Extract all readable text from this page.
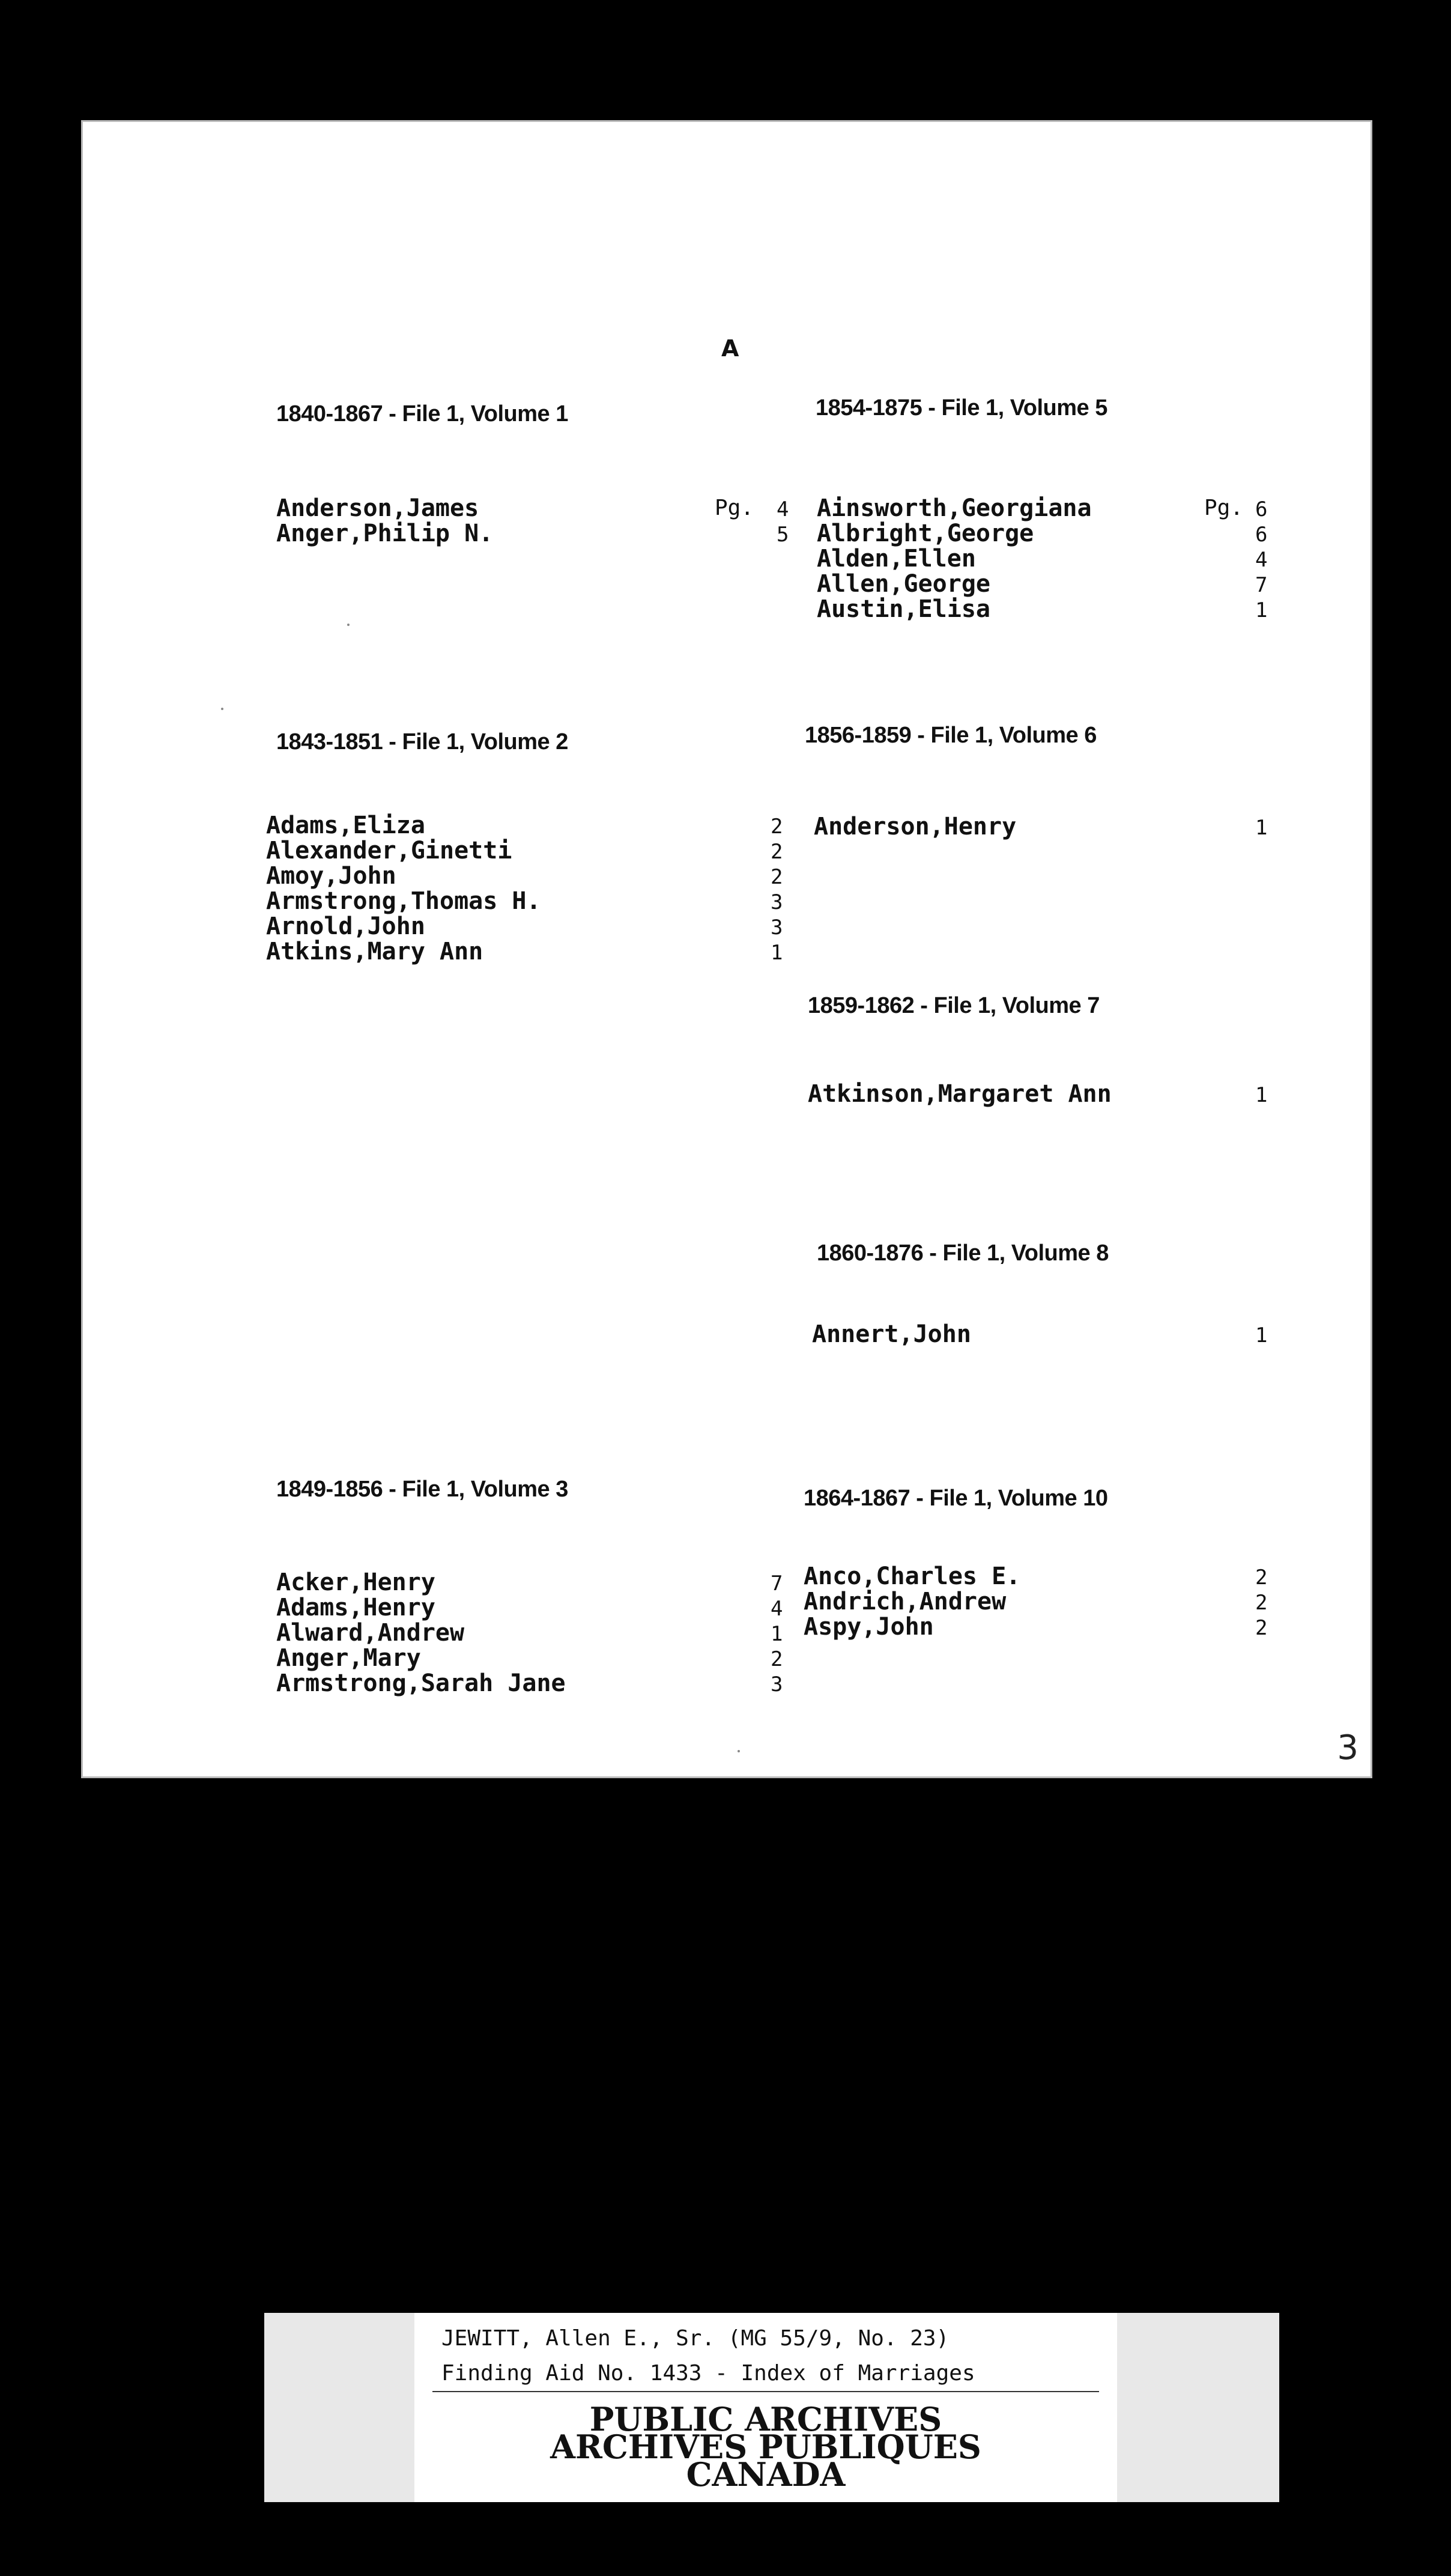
A
1840-1867 - File 1, Volume 1
Anderson,James	Pg. 4
Anger,Philip N.	5
1843-1851 - File 1, Volume 2
Adams,Eliza	2
Alexander,Ginetti	2
Amoy,John	2
Armstrong,Thomas H.	3
Arnold,John	3
Atkins,Mary Ann	1
1849-1856 - File 1, Volume 3
Acker,Henry	7
Adams,Henry	4
Alward,Andrew	1
Anger,Mary	2
Armstrong,Sarah Jane	3
1854-1875 - File 1, Volume 5
Ainsworth,Georgiana	Pg. 6
Albright,George	6
Alden,Ellen	4
Allen,George	7
Austin,Elisa	1
1856-1859 - File 1, Volume 6
Anderson,Henry	1
1859-1862 - File 1, Volume 7
Atkinson,Margaret Ann	1
1860-1876 - File 1, Volume 8
Annert,John	1
1864-1867 - File 1, Volume 10
Anco,Charles E.	2
Andrich,Andrew	2
Aspy,John	2
3
JEWITT, Allen E., Sr. (MG 55/9, No. 23)
Finding Aid No. 1433 - Index of Marriages
PUBLIC ARCHIVES
ARCHIVES PUBLIQUES
CANADA
